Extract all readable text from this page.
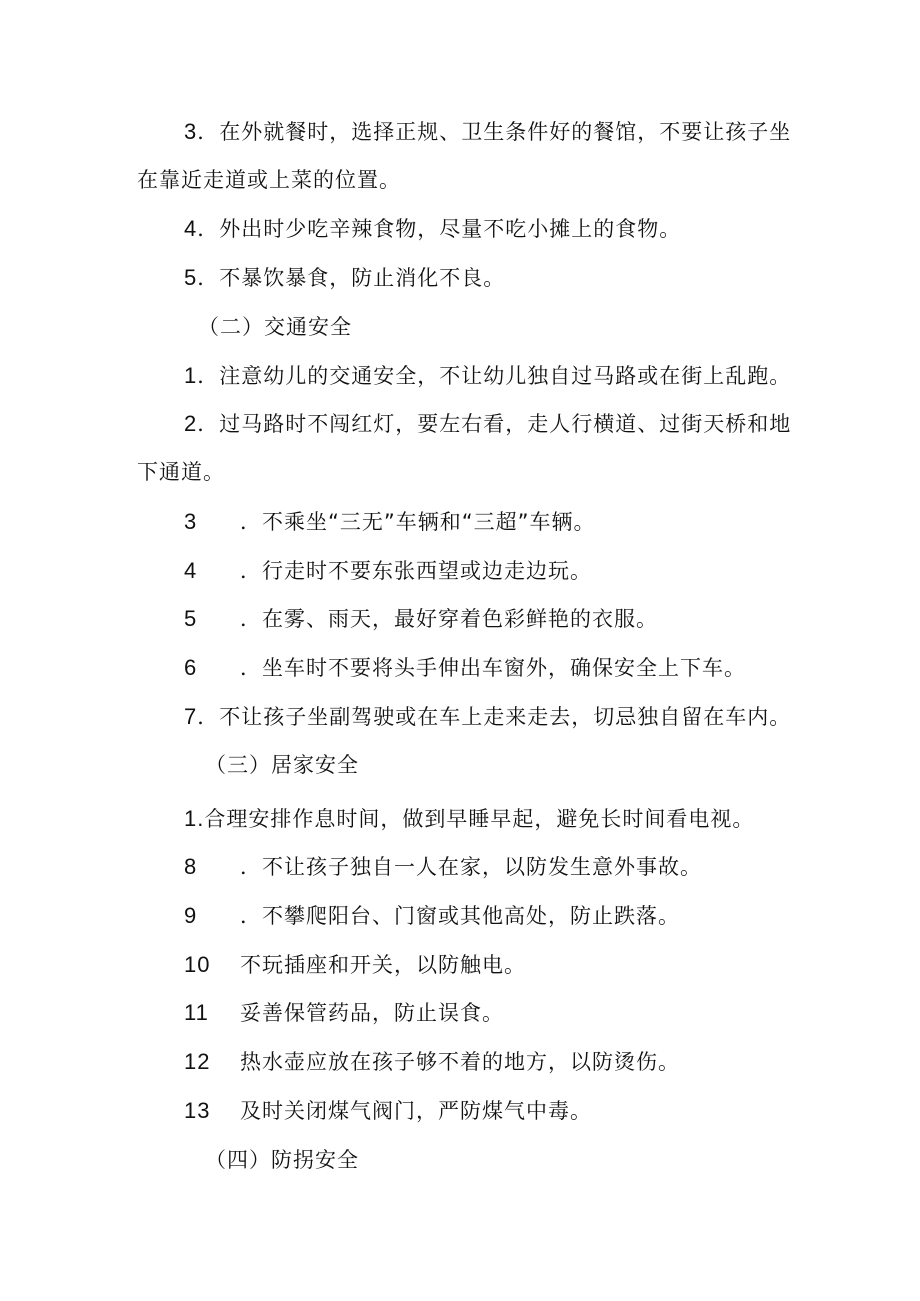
3．在外就餐时，选择正规、卫生条件好的餐馆，不要让孩子坐
在靠近走道或上菜的位置。
4．外出时少吃辛辣食物，尽量不吃小摊上的食物。
5．不暴饮暴食，防止消化不良。
（二）交通安全
1．注意幼儿的交通安全，不让幼儿独自过马路或在街上乱跑。
2．过马路时不闯红灯，要左右看，走人行横道、过街天桥和地
下通道。
3 ．不乘坐“三无”车辆和“三超”车辆。
4 ．行走时不要东张西望或边走边玩。
5 ．在雾、雨天，最好穿着色彩鲜艳的衣服。
6 ．坐车时不要将头手伸出车窗外，确保安全上下车。
7．不让孩子坐副驾驶或在车上走来走去，切忌独自留在车内。
（三）居家安全
1.合理安排作息时间，做到早睡早起，避免长时间看电视。
8 ．不让孩子独自一人在家，以防发生意外事故。
9 ．不攀爬阳台、门窗或其他高处，防止跌落。
10 不玩插座和开关，以防触电。
11 妥善保管药品，防止误食。
12 热水壶应放在孩子够不着的地方，以防烫伤。
13 及时关闭煤气阀门，严防煤气中毒。
（四）防拐安全
